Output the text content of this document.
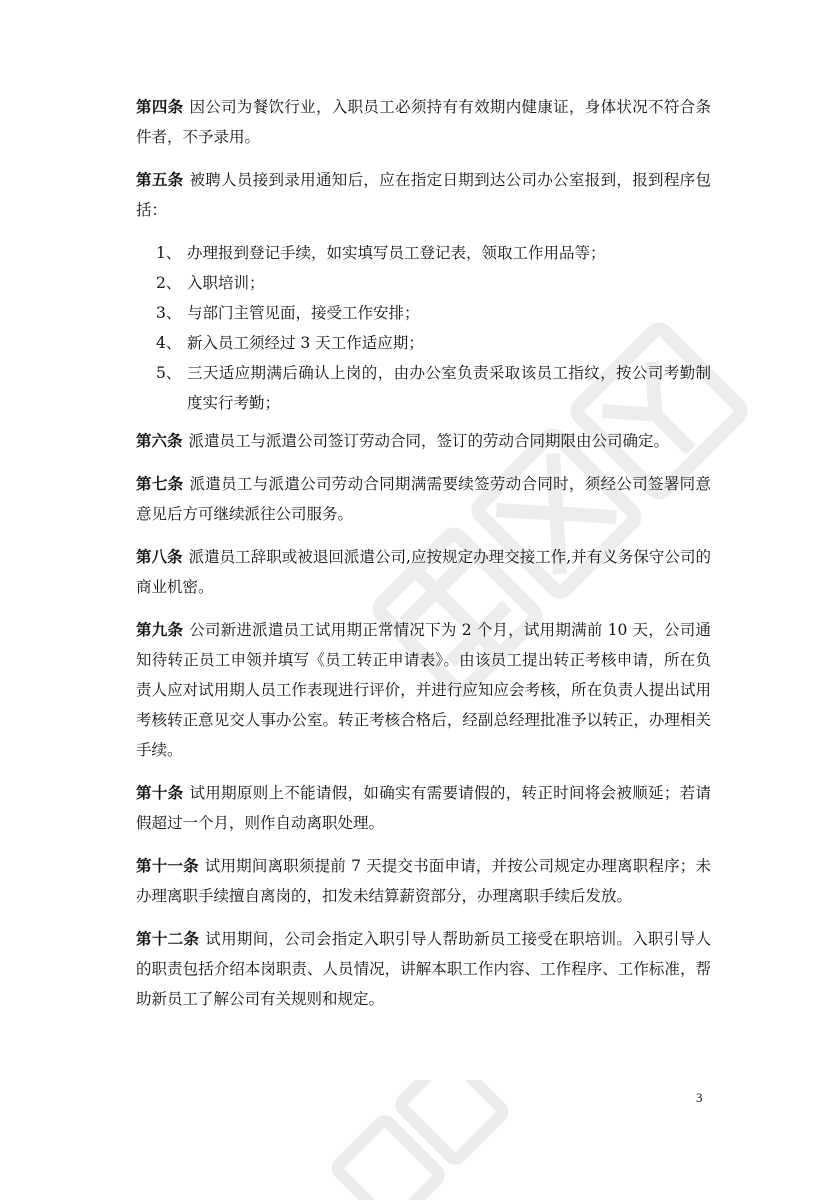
第四条 因公司为餐饮行业，入职员工必须持有有效期内健康证，身体状况不符合条件者，不予录用。

第五条 被聘人员接到录用通知后，应在指定日期到达公司办公室报到，报到程序包括：

1、 办理报到登记手续，如实填写员工登记表，领取工作用品等；
2、 入职培训；
3、 与部门主管见面，接受工作安排；
4、 新入员工须经过 3 天工作适应期；
5、 三天适应期满后确认上岗的，由办公室负责采取该员工指纹，按公司考勤制度实行考勤；

第六条 派遣员工与派遣公司签订劳动合同，签订的劳动合同期限由公司确定。

第七条 派遣员工与派遣公司劳动合同期满需要续签劳动合同时，须经公司签署同意意见后方可继续派往公司服务。

第八条 派遣员工辞职或被退回派遣公司,应按规定办理交接工作,并有义务保守公司的商业机密。

第九条 公司新进派遣员工试用期正常情况下为 2 个月，试用期满前 10 天，公司通知待转正员工申领并填写《员工转正申请表》。由该员工提出转正考核申请，所在负责人应对试用期人员工作表现进行评价，并进行应知应会考核，所在负责人提出试用考核转正意见交人事办公室。转正考核合格后，经副总经理批准予以转正，办理相关手续。

第十条 试用期原则上不能请假，如确实有需要请假的，转正时间将会被顺延；若请假超过一个月，则作自动离职处理。

第十一条 试用期间离职须提前 7 天提交书面申请，并按公司规定办理离职程序；未办理离职手续擅自离岗的，扣发未结算薪资部分，办理离职手续后发放。

第十二条 试用期间，公司会指定入职引导人帮助新员工接受在职培训。入职引导人的职责包括介绍本岗职责、人员情况，讲解本职工作内容、工作程序、工作标准，帮助新员工了解公司有关规则和规定。

3
